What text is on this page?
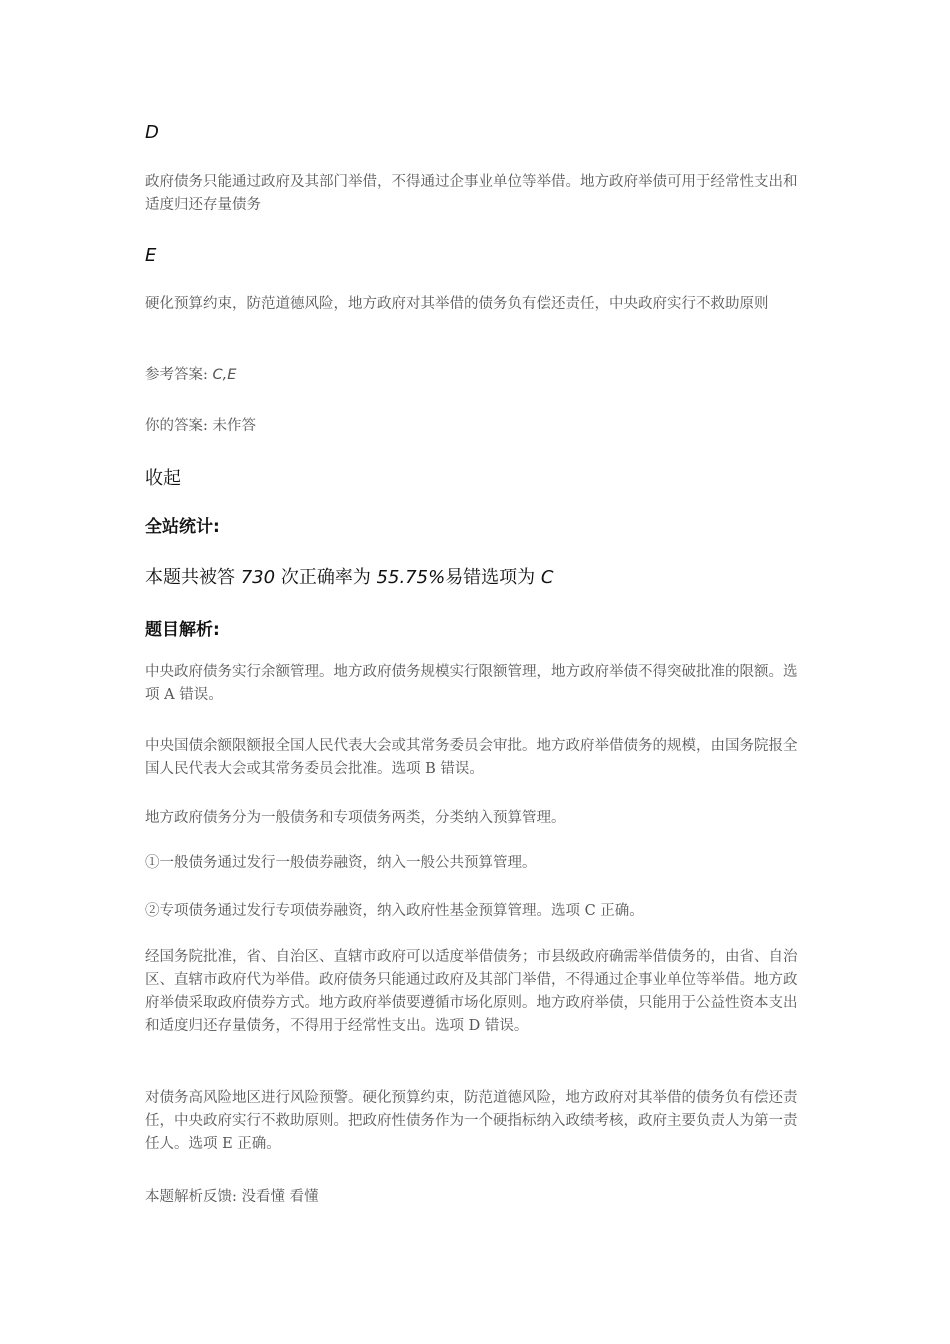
D
政府债务只能通过政府及其部门举借，不得通过企事业单位等举借。地方政府举债可用于经常性支出和适度归还存量债务
E
硬化预算约束，防范道德风险，地方政府对其举借的债务负有偿还责任，中央政府实行不救助原则
参考答案: C,E
你的答案: 未作答
收起
全站统计:
本题共被答 730 次正确率为 55.75%易错选项为 C
题目解析:
中央政府债务实行余额管理。地方政府债务规模实行限额管理，地方政府举债不得突破批准的限额。选项 A 错误。
中央国债余额限额报全国人民代表大会或其常务委员会审批。地方政府举借债务的规模，由国务院报全国人民代表大会或其常务委员会批准。选项 B 错误。
地方政府债务分为一般债务和专项债务两类，分类纳入预算管理。
①一般债务通过发行一般债券融资，纳入一般公共预算管理。
②专项债务通过发行专项债券融资，纳入政府性基金预算管理。选项 C 正确。
经国务院批准，省、自治区、直辖市政府可以适度举借债务；市县级政府确需举借债务的，由省、自治区、直辖市政府代为举借。政府债务只能通过政府及其部门举借，不得通过企事业单位等举借。地方政府举债采取政府债券方式。地方政府举债要遵循市场化原则。地方政府举债，只能用于公益性资本支出和适度归还存量债务，不得用于经常性支出。选项 D 错误。
对债务高风险地区进行风险预警。硬化预算约束，防范道德风险，地方政府对其举借的债务负有偿还责任，中央政府实行不救助原则。把政府性债务作为一个硬指标纳入政绩考核，政府主要负责人为第一责任人。选项 E 正确。
本题解析反馈: 没看懂 看懂
